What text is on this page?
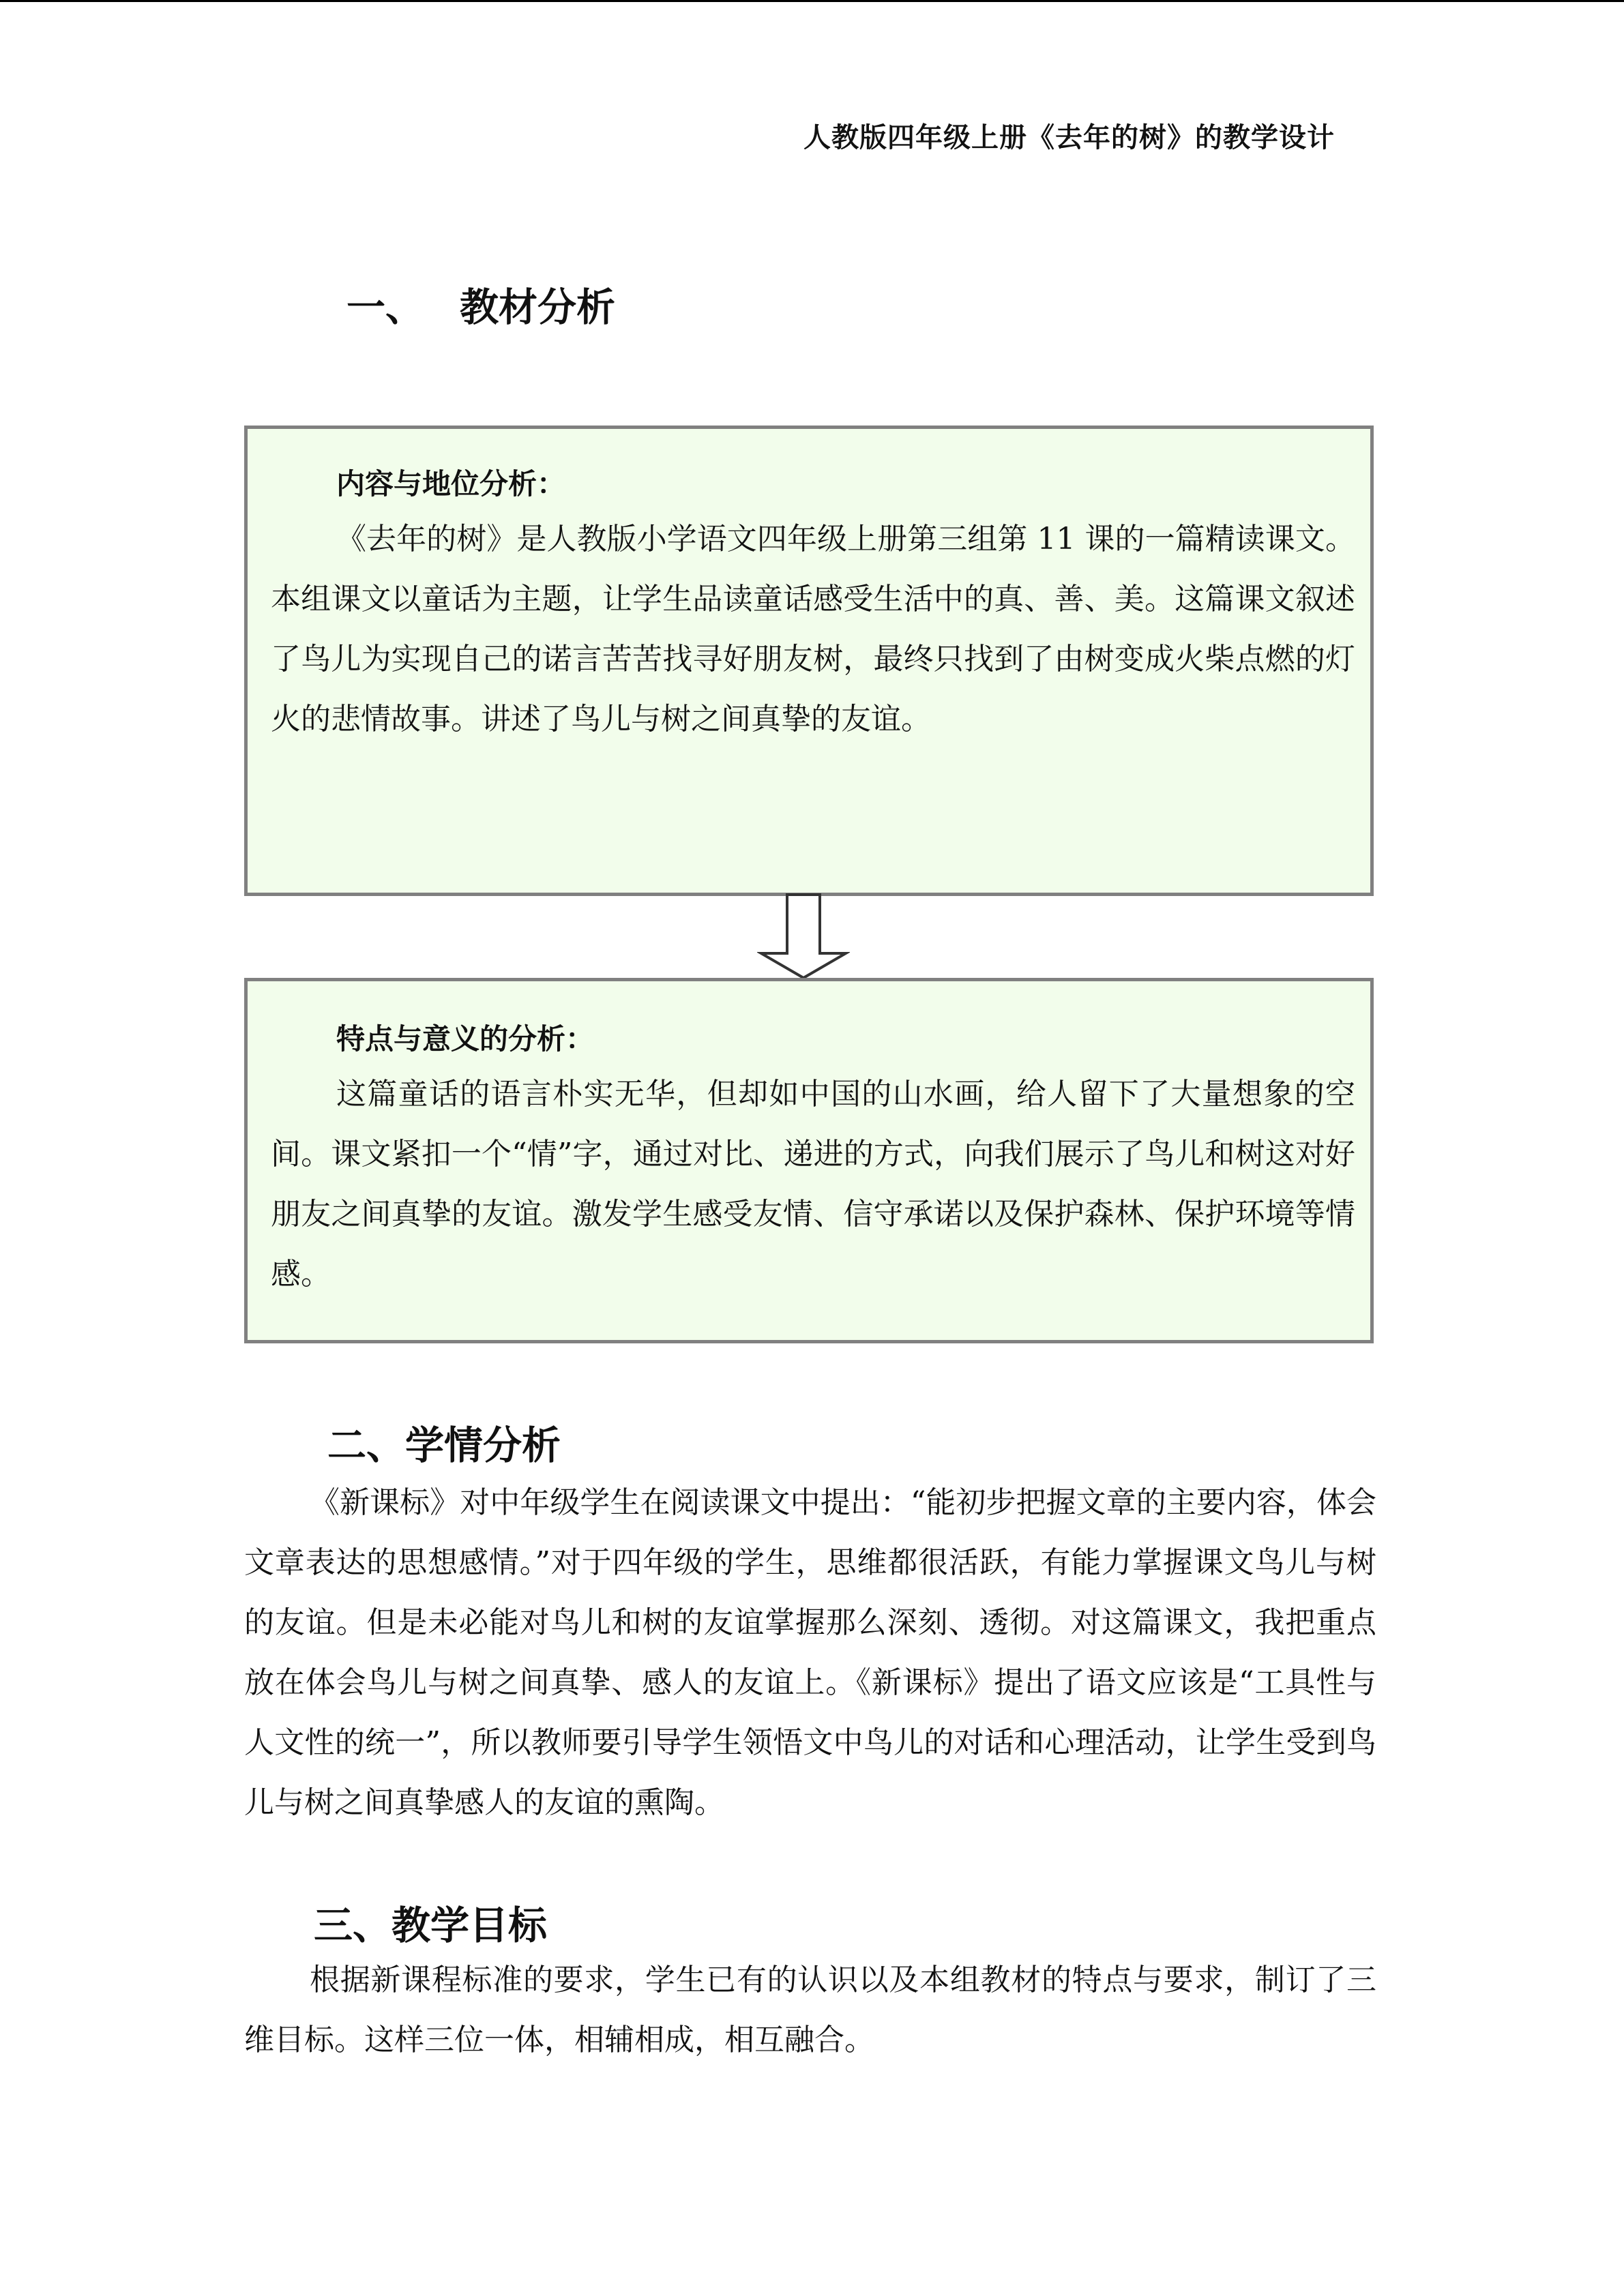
人教版四年级上册《去年的树》的教学设计
一、 教材分析
内容与地位分析：

《去年的树》是人教版小学语文四年级上册第三组第 11 课的一篇精读课文。本组课文以童话为主题，让学生品读童话感受生活中的真、善、美。这篇课文叙述了鸟儿为实现自己的诺言苦苦找寻好朋友树，最终只找到了由树变成火柴点燃的灯火的悲情故事。讲述了鸟儿与树之间真挚的友谊。

特点与意义的分析：

这篇童话的语言朴实无华，但却如中国的山水画，给人留下了大量想象的空间。课文紧扣一个“情”字，通过对比、递进的方式，向我们展示了鸟儿和树这对好朋友之间真挚的友谊。激发学生感受友情、信守承诺以及保护森林、保护环境等情感。

二、学情分析

《新课标》对中年级学生在阅读课文中提出：“能初步把握文章的主要内容，体会文章表达的思想感情。”对于四年级的学生，思维都很活跃，有能力掌握课文鸟儿与树的友谊。但是未必能对鸟儿和树的友谊掌握那么深刻、透彻。对这篇课文，我把重点放在体会鸟儿与树之间真挚、感人的友谊上。《新课标》提出了语文应该是“工具性与人文性的统一”，所以教师要引导学生领悟文中鸟儿的对话和心理活动，让学生受到鸟儿与树之间真挚感人的友谊的熏陶。

三、教学目标

根据新课程标准的要求，学生已有的认识以及本组教材的特点与要求，制订了三维目标。这样三位一体，相辅相成，相互融合。
